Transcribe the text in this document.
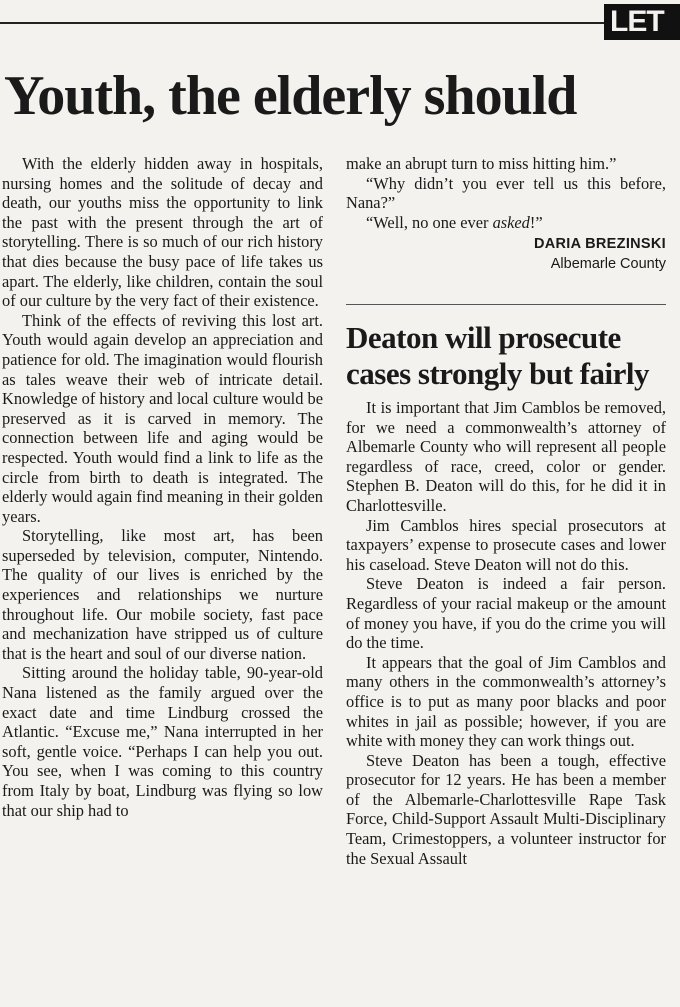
LET
Youth, the elderly should

With the elderly hidden away in hospitals, nursing homes and the solitude of decay and death, our youths miss the opportunity to link the past with the present through the art of storytelling. There is so much of our rich history that dies because the busy pace of life takes us apart. The elderly, like children, contain the soul of our culture by the very fact of their existence.

Think of the effects of reviving this lost art. Youth would again develop an appreciation and patience for old. The imagination would flourish as tales weave their web of intricate detail. Knowledge of history and local culture would be preserved as it is carved in memory. The connection between life and aging would be respected. Youth would find a link to life as the circle from birth to death is integrated. The elderly would again find meaning in their golden years.

Storytelling, like most art, has been superseded by television, computer, Nintendo. The quality of our lives is enriched by the experiences and relationships we nurture throughout life. Our mobile society, fast pace and mechanization have stripped us of culture that is the heart and soul of our diverse nation.

Sitting around the holiday table, 90-year-old Nana listened as the family argued over the exact date and time Lindburg crossed the Atlantic. “Excuse me,” Nana interrupted in her soft, gentle voice. “Perhaps I can help you out. You see, when I was coming to this country from Italy by boat, Lindburg was flying so low that our ship had to

make an abrupt turn to miss hitting him.”

“Why didn’t you ever tell us this before, Nana?”

“Well, no one ever asked!”

DARIA BREZINSKI
Albemarle County
Deaton will prosecute cases strongly but fairly

It is important that Jim Camblos be removed, for we need a commonwealth’s attorney of Albemarle County who will represent all people regardless of race, creed, color or gender. Stephen B. Deaton will do this, for he did it in Charlottesville.

Jim Camblos hires special prosecutors at taxpayers’ expense to prosecute cases and lower his caseload. Steve Deaton will not do this.

Steve Deaton is indeed a fair person. Regardless of your racial makeup or the amount of money you have, if you do the crime you will do the time.

It appears that the goal of Jim Camblos and many others in the commonwealth’s attorney’s office is to put as many poor blacks and poor whites in jail as possible; however, if you are white with money they can work things out.

Steve Deaton has been a tough, effective prosecutor for 12 years. He has been a member of the Albemarle-Charlottesville Rape Task Force, Child-Support Assault Multi-Disciplinary Team, Crimestoppers, a volunteer instructor for the Sexual Assault
